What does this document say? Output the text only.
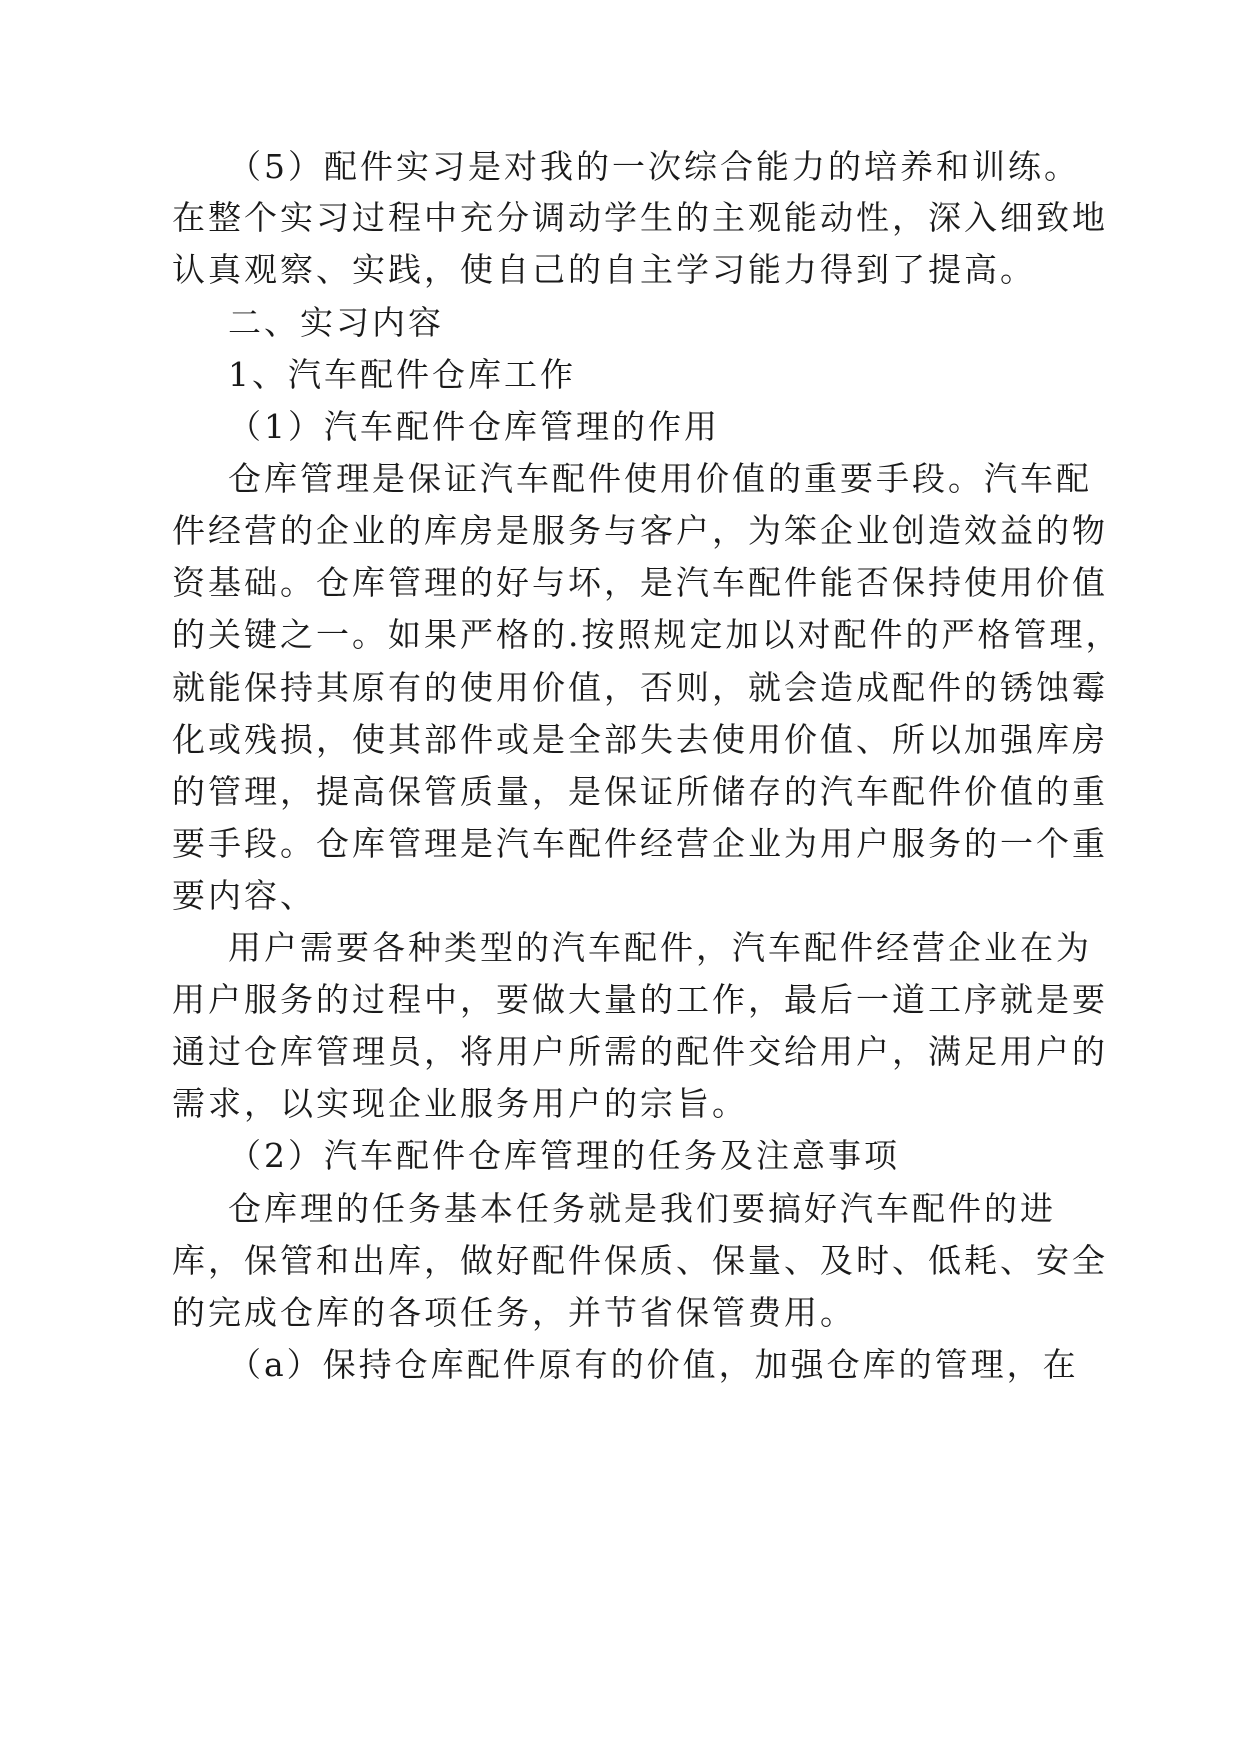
（5）配件实习是对我的一次综合能力的培养和训练。
在整个实习过程中充分调动学生的主观能动性，深入细致地
认真观察、实践，使自己的自主学习能力得到了提高。
二、实习内容
1、汽车配件仓库工作
（1）汽车配件仓库管理的作用
仓库管理是保证汽车配件使用价值的重要手段。汽车配
件经营的企业的库房是服务与客户，为笨企业创造效益的物
资基础。仓库管理的好与坏，是汽车配件能否保持使用价值
的关键之一。如果严格的.按照规定加以对配件的严格管理，
就能保持其原有的使用价值，否则，就会造成配件的锈蚀霉
化或残损，使其部件或是全部失去使用价值、所以加强库房
的管理，提高保管质量，是保证所储存的汽车配件价值的重
要手段。仓库管理是汽车配件经营企业为用户服务的一个重
要内容、
用户需要各种类型的汽车配件，汽车配件经营企业在为
用户服务的过程中，要做大量的工作，最后一道工序就是要
通过仓库管理员，将用户所需的配件交给用户，满足用户的
需求，以实现企业服务用户的宗旨。
（2）汽车配件仓库管理的任务及注意事项
仓库理的任务基本任务就是我们要搞好汽车配件的进
库，保管和出库，做好配件保质、保量、及时、低耗、安全
的完成仓库的各项任务，并节省保管费用。
（a）保持仓库配件原有的价值，加强仓库的管理，在
